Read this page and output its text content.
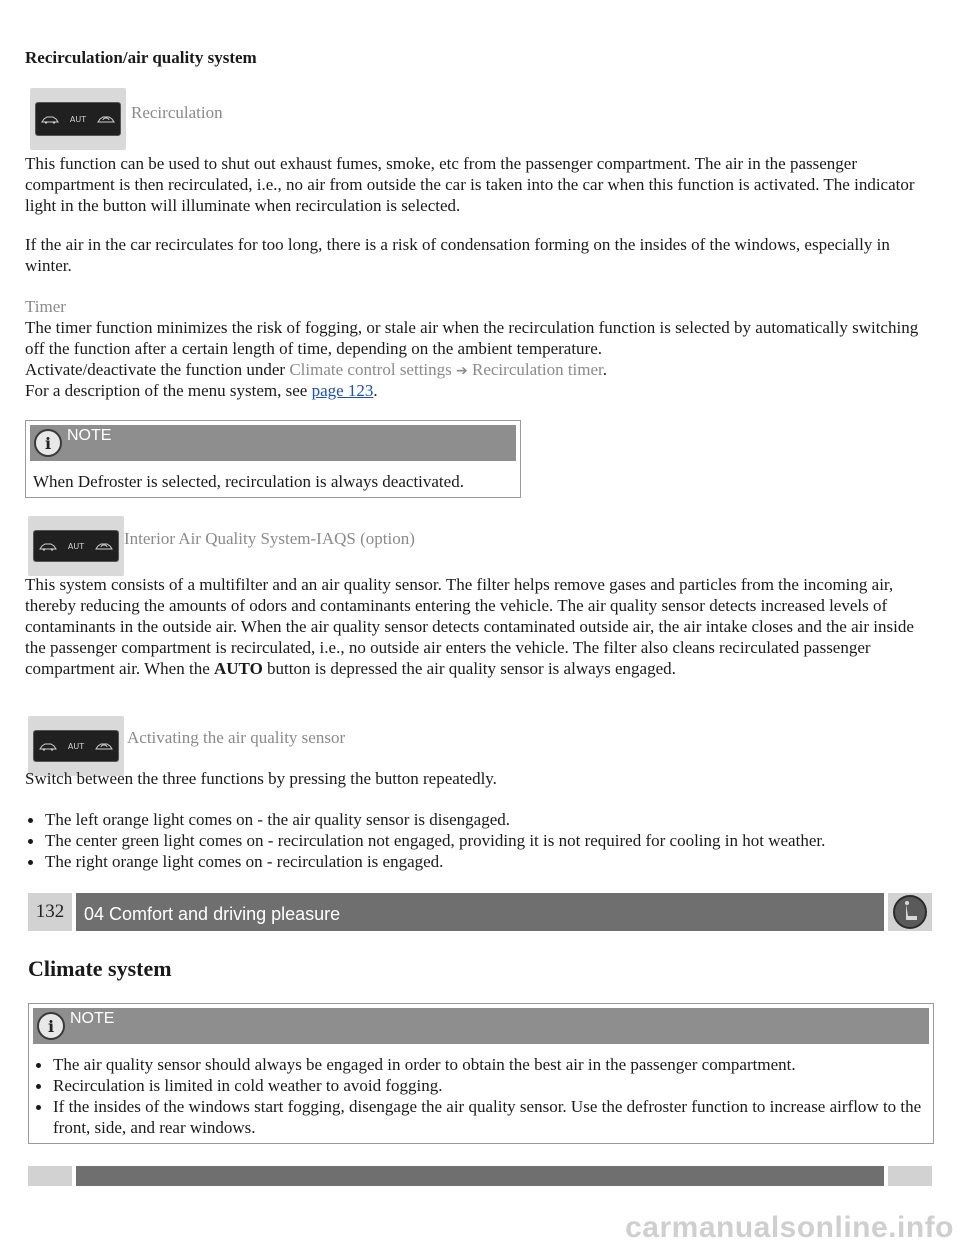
Recirculation/air quality system
AUT	Recirculation
This function can be used to shut out exhaust fumes, smoke, etc from the passenger compartment. The air in the passenger compartment is then recirculated, i.e., no air from outside the car is taken into the car when this function is activated. The indicator light in the button will illuminate when recirculation is selected.
If the air in the car recirculates for too long, there is a risk of condensation forming on the insides of the windows, especially in winter.
Timer
The timer function minimizes the risk of fogging, or stale air when the recirculation function is selected by automatically switching off the function after a certain length of time, depending on the ambient temperature.
Activate/deactivate the function under Climate control settings ➔ Recirculation timer.
For a description of the menu system, see page 123.
i NOTE
When Defroster is selected, recirculation is always deactivated.
AUT Interior Air Quality System-IAQS (option)
This system consists of a multifilter and an air quality sensor. The filter helps remove gases and particles from the incoming air, thereby reducing the amounts of odors and contaminants entering the vehicle. The air quality sensor detects increased levels of contaminants in the outside air. When the air quality sensor detects contaminated outside air, the air intake closes and the air inside the passenger compartment is recirculated, i.e., no outside air enters the vehicle. The filter also cleans recirculated passenger compartment air. When the AUTO button is depressed the air quality sensor is always engaged.
AUT	Activating the air quality sensor
Switch between the three functions by pressing the button repeatedly.
The left orange light comes on - the air quality sensor is disengaged.
The center green light comes on - recirculation not engaged, providing it is not required for cooling in hot weather.
The right orange light comes on - recirculation is engaged.
132	04 Comfort and driving pleasure
Climate system
i NOTE
The air quality sensor should always be engaged in order to obtain the best air in the passenger compartment.
Recirculation is limited in cold weather to avoid fogging.
If the insides of the windows start fogging, disengage the air quality sensor. Use the defroster function to increase airflow to the front, side, and rear windows.
carmanualsonline.info
